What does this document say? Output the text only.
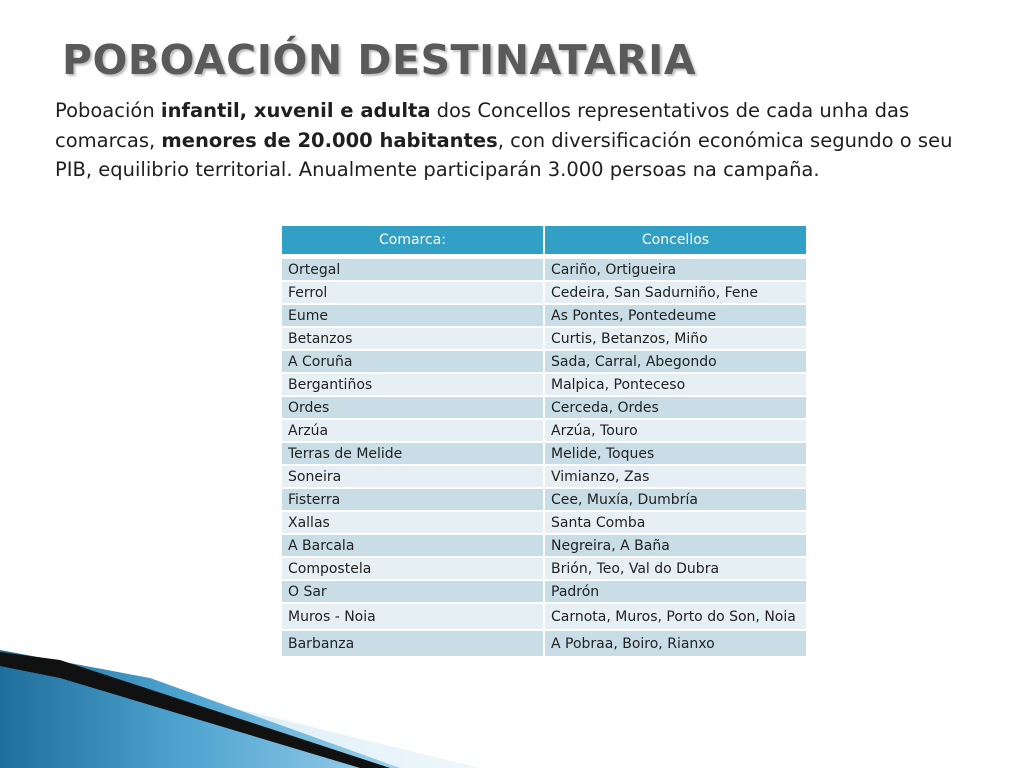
POBOACIÓN DESTINATARIA

Poboación infantil, xuvenil e adulta dos Concellos representativos de cada unha das comarcas, menores de 20.000 habitantes, con diversificación económica segundo o seu PIB, equilibrio territorial. Anualmente participarán 3.000 persoas na campaña.

Comarca:	Concellos
Ortegal	Cariño, Ortigueira
Ferrol	Cedeira, San Sadurniño, Fene
Eume	As Pontes, Pontedeume
Betanzos	Curtis, Betanzos, Miño
A Coruña	Sada, Carral, Abegondo
Bergantiños	Malpica, Ponteceso
Ordes	Cerceda, Ordes
Arzúa	Arzúa, Touro
Terras de Melide	Melide, Toques
Soneira	Vimianzo, Zas
Fisterra	Cee, Muxía, Dumbría
Xallas	Santa Comba
A Barcala	Negreira, A Baña
Compostela	Brión, Teo, Val do Dubra
O Sar	Padrón
Muros - Noia	Carnota, Muros, Porto do Son, Noia
Barbanza	A Pobraa, Boiro, Rianxo
